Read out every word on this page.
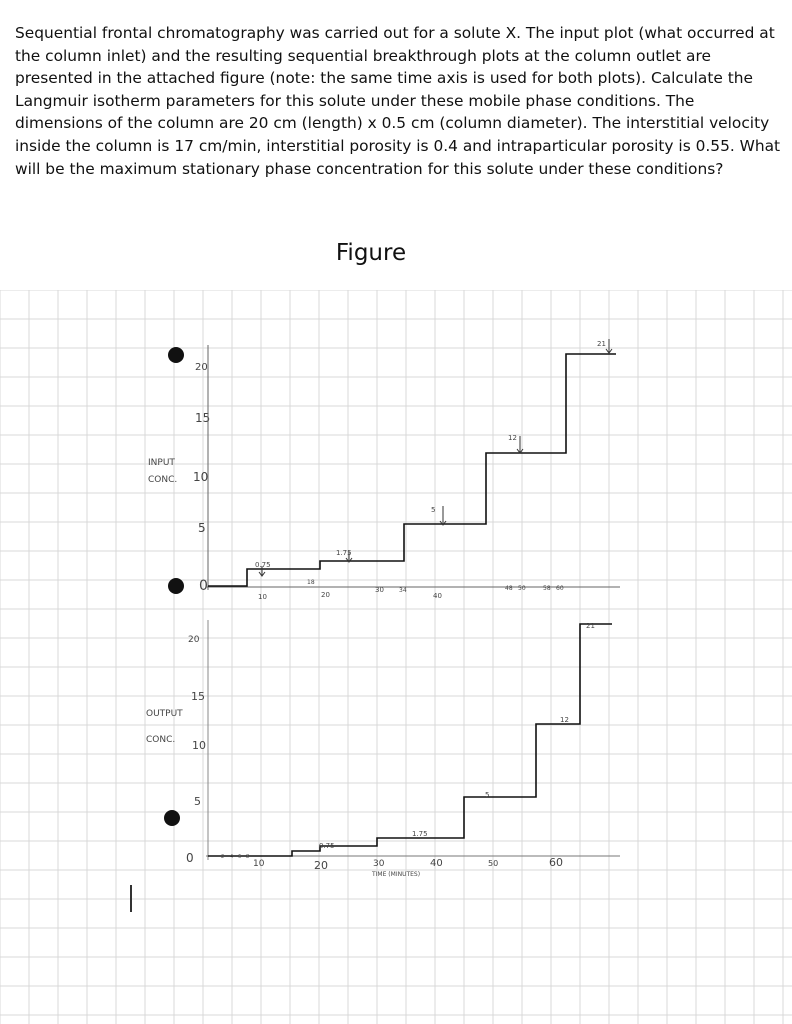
Sequential frontal chromatography was carried out for a solute X. The input plot (what occurred at the column inlet) and the resulting sequential breakthrough plots at the column outlet are presented in the attached figure (note: the same time axis is used for both plots). Calculate the Langmuir isotherm parameters for this solute under these mobile phase conditions. The dimensions of the column are 20 cm (length) x 0.5 cm (column diameter). The interstitial velocity inside the column is 17 cm/min, interstitial porosity is 0.4 and intraparticular porosity is 0.55. What will be the maximum stationary phase concentration for this solute under these conditions?

Figure
INPUT
CONC.
20
15
10
5
0
10	20
30	34
40
48 50	58 60
0.75
18
1.75
5
12
21
OUTPUT
CONC.
20
15
10
5
0	2 4 6 8
10	20	30	40	50	60
TIME (MINUTES)
0.75
1.75
5
12
21
